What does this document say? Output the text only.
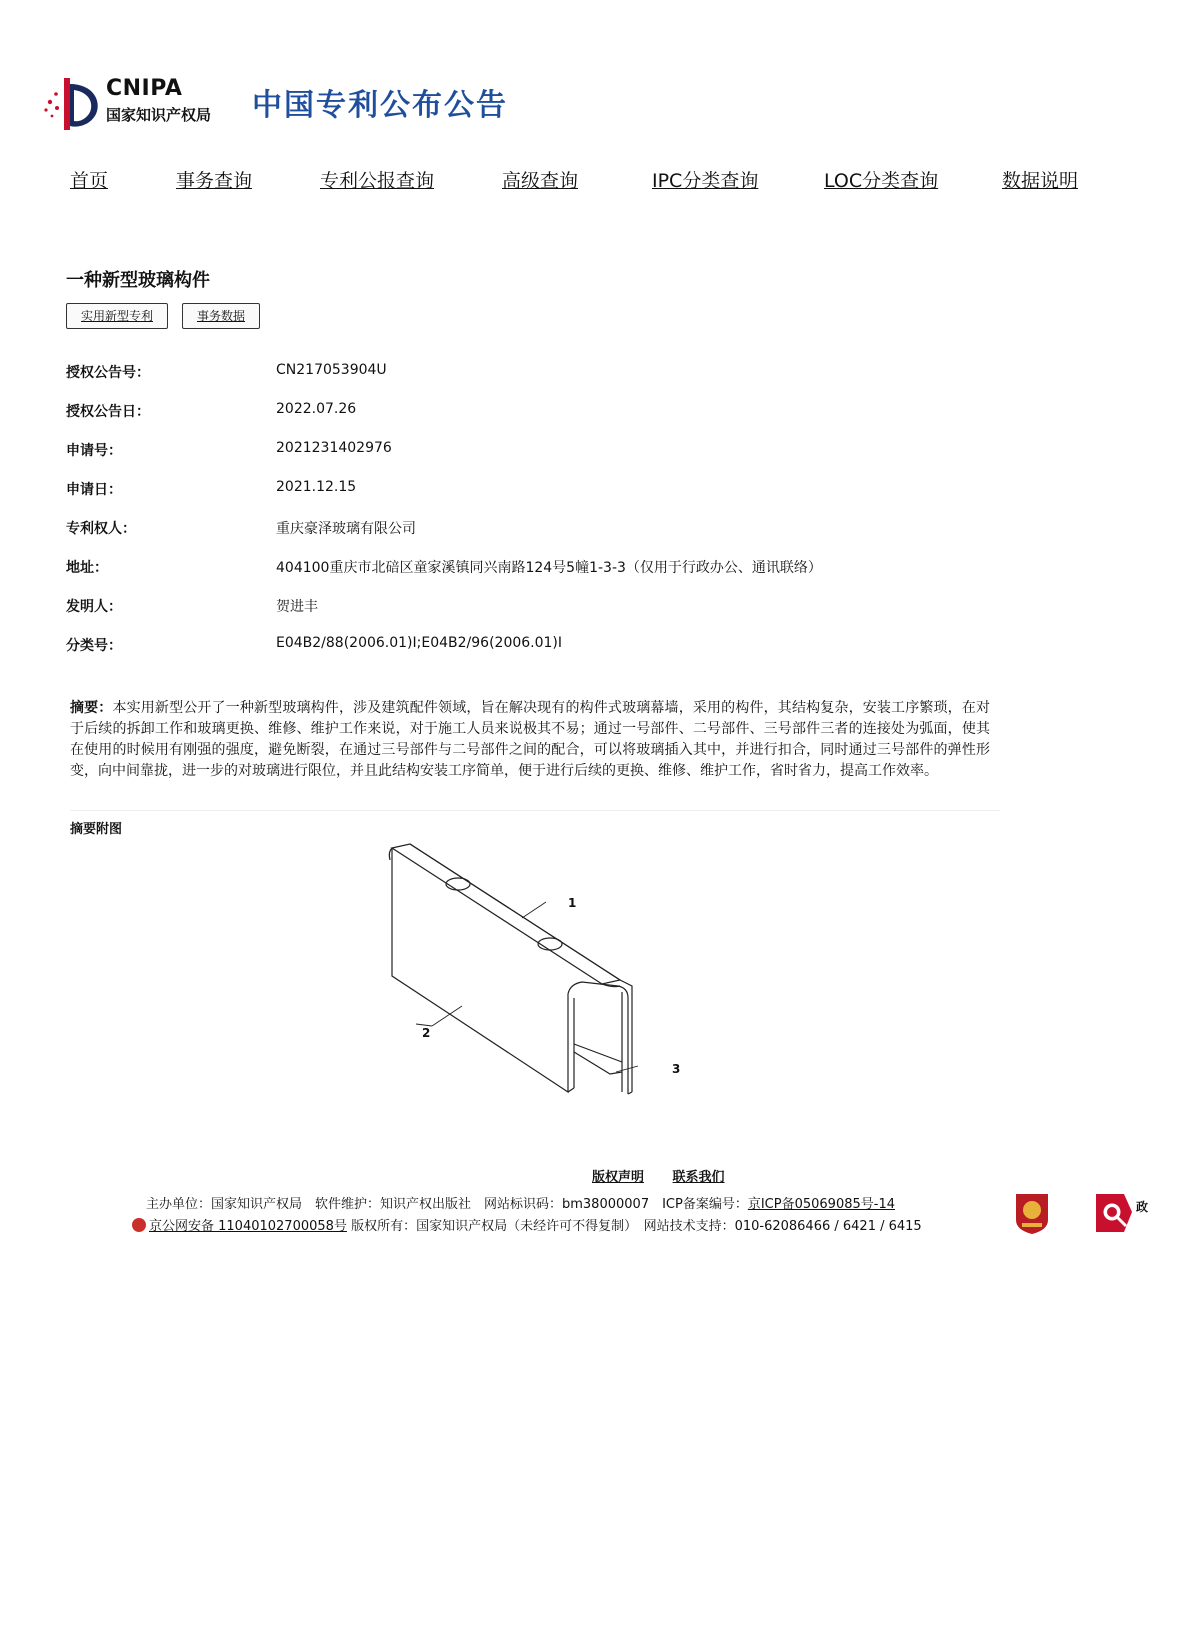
CNIPA
国家知识产权局 中国专利公布公告
首页	事务查询	专利公报查询	高级查询	IPC分类查询	LOC分类查询	数据说明
一种新型玻璃构件
实用新型专利	事务数据
授权公告号：	CN217053904U
授权公告日：	2022.07.26
申请号：	2021231402976
申请日：	2021.12.15
专利权人：	重庆豪泽玻璃有限公司
地址：	404100重庆市北碚区童家溪镇同兴南路124号5幢1-3-3（仅用于行政办公、通讯联络）
发明人：	贺进丰
分类号：	E04B2/88(2006.01)I;E04B2/96(2006.01)I
摘要：本实用新型公开了一种新型玻璃构件，涉及建筑配件领域，旨在解决现有的构件式玻璃幕墙，采用的构件，其结构复杂，安装工序繁琐，在对于后续的拆卸工作和玻璃更换、维修、维护工作来说，对于施工人员来说极其不易；通过一号部件、二号部件、三号部件三者的连接处为弧面，使其在使用的时候用有刚强的强度，避免断裂，在通过三号部件与二号部件之间的配合，可以将玻璃插入其中，并进行扣合，同时通过三号部件的弹性形变，向中间靠拢，进一步的对玻璃进行限位，并且此结构安装工序简单，便于进行后续的更换、维修、维护工作，省时省力，提高工作效率。
摘要附图
1
2
3
版权声明 联系我们
主办单位：国家知识产权局　软件维护：知识产权出版社　网站标识码：bm38000007　ICP备案编号：京ICP备05069085号-14
京公网安备 11040102700058号 版权所有：国家知识产权局（未经许可不得复制）　网站技术支持：010-62086466 / 6421 / 6415
政
